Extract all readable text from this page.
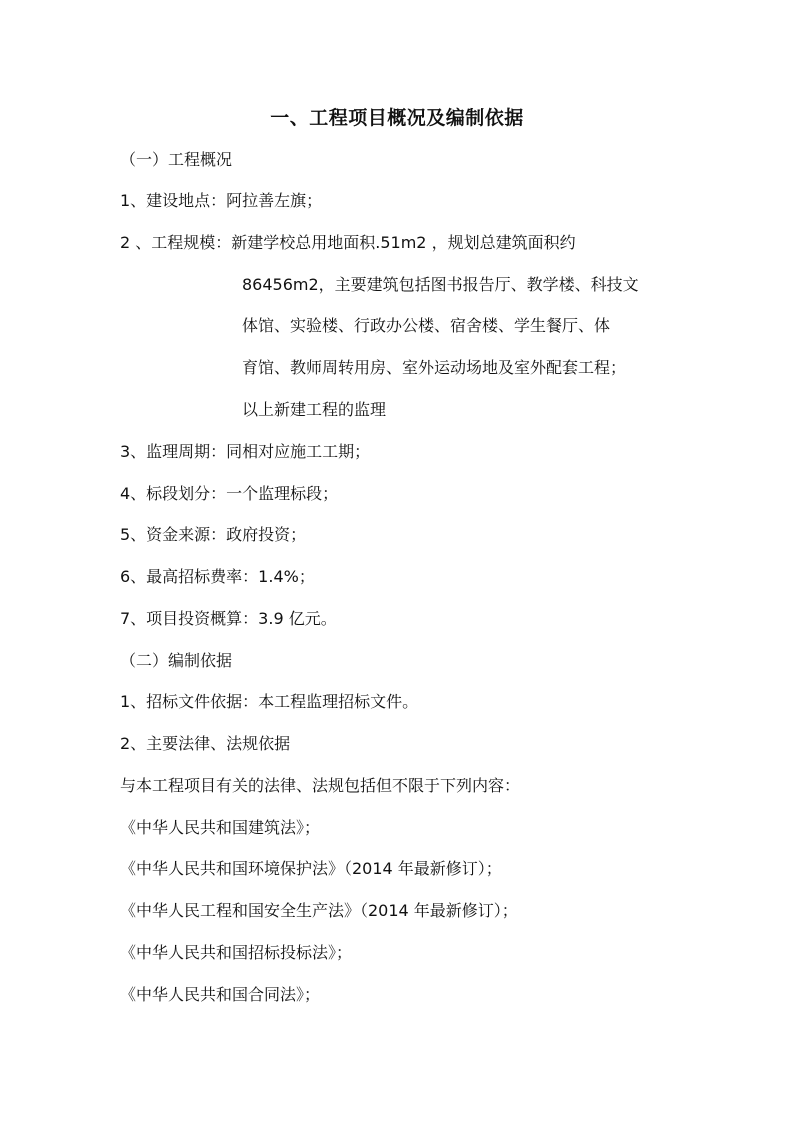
一、工程项目概况及编制依据
（一）工程概况
1、建设地点：阿拉善左旗；
2 、工程规模：新建学校总用地面积.51m2 ，规划总建筑面积约
86456m2，主要建筑包括图书报告厅、教学楼、科技文
体馆、实验楼、行政办公楼、宿舍楼、学生餐厅、体
育馆、教师周转用房、室外运动场地及室外配套工程；
以上新建工程的监理
3、监理周期：同相对应施工工期；
4、标段划分：一个监理标段；
5、资金来源：政府投资；
6、最高招标费率：1.4%；
7、项目投资概算：3.9 亿元。
（二）编制依据
1、招标文件依据：本工程监理招标文件。
2、主要法律、法规依据
与本工程项目有关的法律、法规包括但不限于下列内容：
《中华人民共和国建筑法》；
《中华人民共和国环境保护法》（2014 年最新修订）；
《中华人民工程和国安全生产法》（2014 年最新修订）；
《中华人民共和国招标投标法》；
《中华人民共和国合同法》；
